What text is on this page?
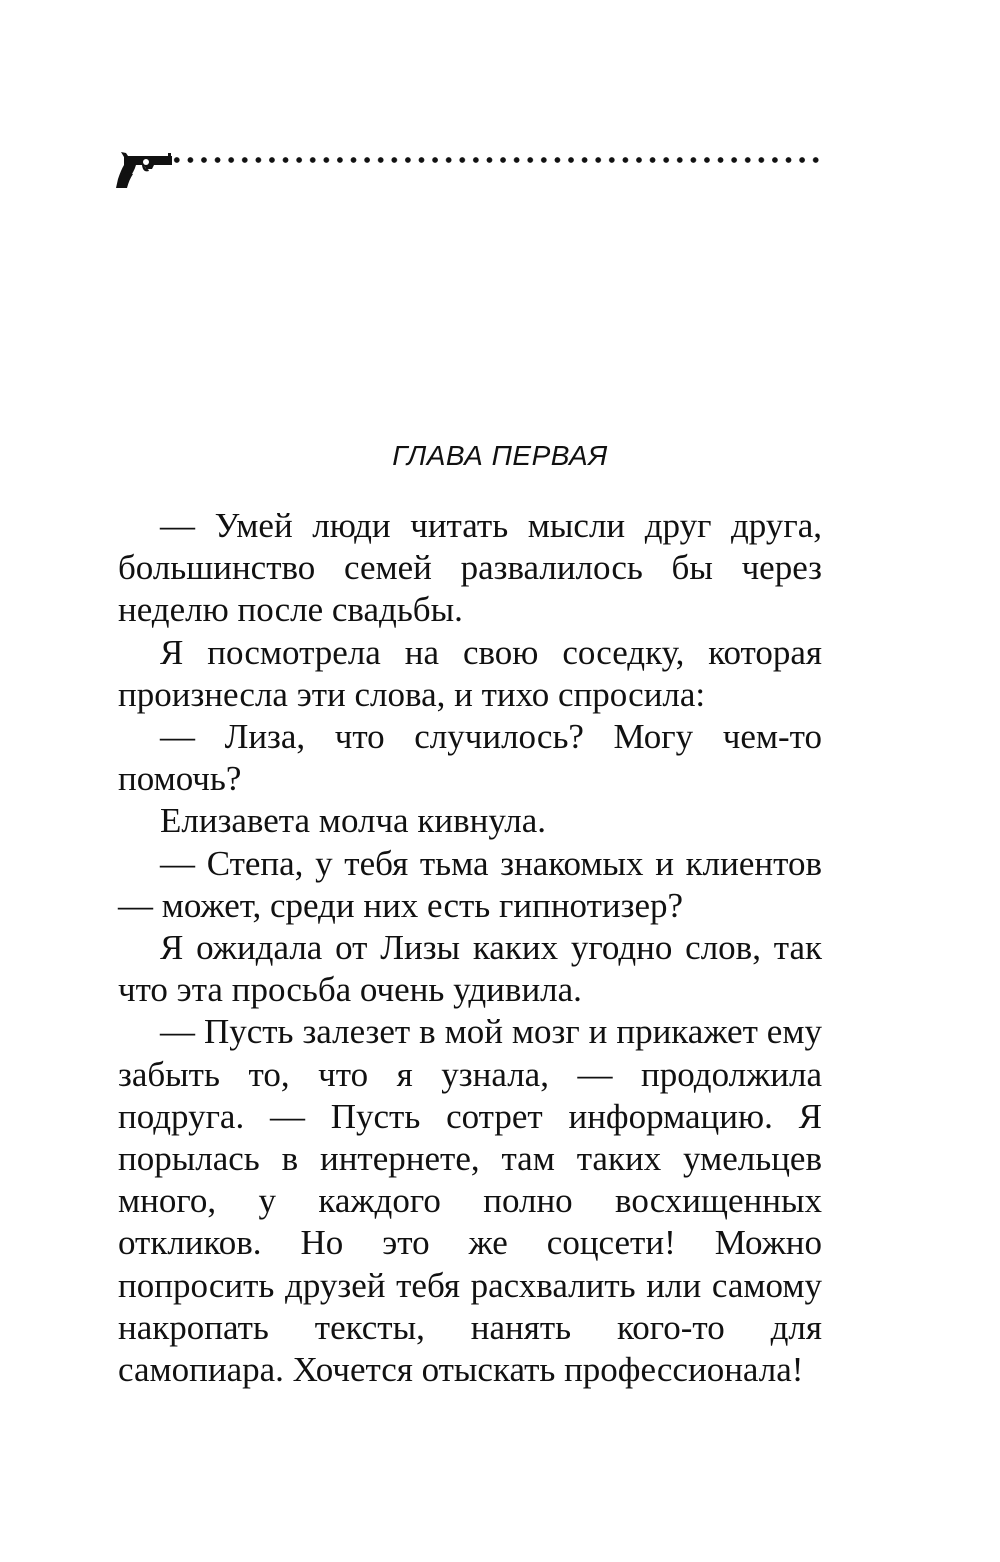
ГЛАВА ПЕРВАЯ

— Умей люди читать мысли друг друга, большинство семей развалилось бы через неделю после свадьбы.

Я посмотрела на свою соседку, которая произнесла эти слова, и тихо спросила:

— Лиза, что случилось? Могу чем-то помочь?

Елизавета молча кивнула.

— Степа, у тебя тьма знакомых и клиентов — может, среди них есть гипнотизер?

Я ожидала от Лизы каких угодно слов, так что эта просьба очень удивила.

— Пусть залезет в мой мозг и прикажет ему забыть то, что я узнала, — продолжила подруга. — Пусть сотрет информацию. Я порылась в интернете, там таких умельцев много, у каждого полно восхищенных откликов. Но это же соцсети! Можно попросить друзей тебя расхвалить или самому накропать тексты, нанять кого-то для самопиара. Хочется отыскать профессионала!
